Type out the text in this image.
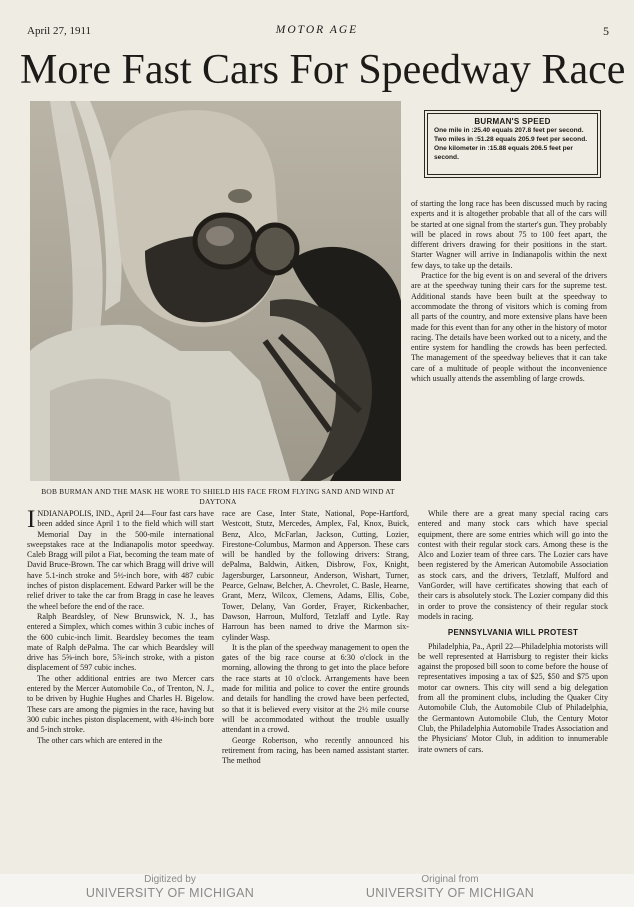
April 27, 1911	MOTOR AGE	5
More Fast Cars For Speedway Race
BOB BURMAN AND THE MASK HE WORE TO SHIELD HIS FACE FROM FLYING SAND AND WIND AT DAYTONA
BURMAN'S SPEED
One mile in :25.40 equals 207.8 feet per second.
Two miles in :51.28 equals 205.9 feet per second.
One kilometer in :15.88 equals 206.5 feet per second.

of starting the long race has been discussed much by racing experts and it is altogether probable that all of the cars will be started at one signal from the starter's gun. They probably will be placed in rows about 75 to 100 feet apart, the different drivers drawing for their positions in the start. Starter Wagner will arrive in Indianapolis within the next few days, to take up the details.

Practice for the big event is on and several of the drivers are at the speedway tuning their cars for the supreme test. Additional stands have been built at the speedway to accommodate the throng of visitors which is coming from all parts of the country, and more extensive plans have been made for this event than for any other in the history of motor racing. The details have been worked out to a nicety, and the entire system for handling the crowds has been perfected. The management of the speedway believes that it can take care of a multitude of people without the inconvenience which usually attends the assembling of large crowds.

INDIANAPOLIS, IND., April 24—Four fast cars have been added since April 1 to the field which will start Memorial Day in the 500-mile international sweepstakes race at the Indianapolis motor speedway. Caleb Bragg will pilot a Fiat, becoming the team mate of David Bruce-Brown. The car which Bragg will drive will have 5.1-inch stroke and 5½-inch bore, with 487 cubic inches of piston displacement. Edward Parker will be the relief driver to take the car from Bragg in case he leaves the wheel before the end of the race.

Ralph Beardsley, of New Brunswick, N. J., has entered a Simplex, which comes within 3 cubic inches of the 600 cubic-inch limit. Beardsley becomes the team mate of Ralph dePalma. The car which Beardsley will drive has 5⅝-inch bore, 5⅞-inch stroke, with a piston displacement of 597 cubic inches.

The other additional entries are two Mercer cars entered by the Mercer Automobile Co., of Trenton, N. J., to be driven by Hughie Hughes and Charles H. Bigelow. These cars are among the pigmies in the race, having but 300 cubic inches piston displacement, with 4⅜-inch bore and 5-inch stroke.

The other cars which are entered in the

race are Case, Inter State, National, Pope-Hartford, Westcott, Stutz, Mercedes, Amplex, Fal, Knox, Buick, Benz, Alco, McFarlan, Jackson, Cutting, Lozier, Firestone-Columbus, Marmon and Apperson. These cars will be handled by the following drivers: Strang, dePalma, Baldwin, Aitken, Disbrow, Fox, Knight, Jagersburger, Larsonneur, Anderson, Wishart, Turner, Pearce, Gelnaw, Belcher, A. Chevrolet, C. Basle, Hearne, Grant, Merz, Wilcox, Clemens, Adams, Ellis, Cobe, Tower, Delany, Van Gorder, Frayer, Rickenbacher, Dawson, Harroun, Mulford, Tetzlaff and Lytle. Ray Harroun has been named to drive the Marmon six-cylinder Wasp.

It is the plan of the speedway management to open the gates of the big race course at 6:30 o'clock in the morning, allowing the throng to get into the place before the race starts at 10 o'clock. Arrangements have been made for militia and police to cover the entire grounds and details for handling the crowd have been perfected, so that it is believed every visitor at the 2½ mile course will be accommodated without the trouble usually attendant in a crowd.

George Robertson, who recently announced his retirement from racing, has been named assistant starter. The method

While there are a great many special racing cars entered and many stock cars which have special equipment, there are some entries which will go into the contest with their regular stock cars. Among these is the Alco and Lozier team of three cars. The Lozier cars have been registered by the American Automobile Association as stock cars, and the drivers, Tetzlaff, Mulford and VanGorder, will have certificates showing that each of their cars is absolutely stock. The Lozier company did this in order to prove the consistency of their regular stock models in racing.

PENNSYLVANIA WILL PROTEST

Philadelphia, Pa., April 22—Philadelphia motorists will be well represented at Harrisburg to register their kicks against the proposed bill soon to come before the house of representatives imposing a tax of $25, $50 and $75 upon motor car owners. This city will send a big delegation from all the prominent clubs, including the Quaker City Automobile Club, the Automobile Club of Philadelphia, the Germantown Automobile Club, the Century Motor Club, the Philadelphia Automobile Trades Association and the Physicians' Motor Club, in addition to innumerable irate owners of cars.

Digitized by
UNIVERSITY OF MICHIGAN
Original from
UNIVERSITY OF MICHIGAN
